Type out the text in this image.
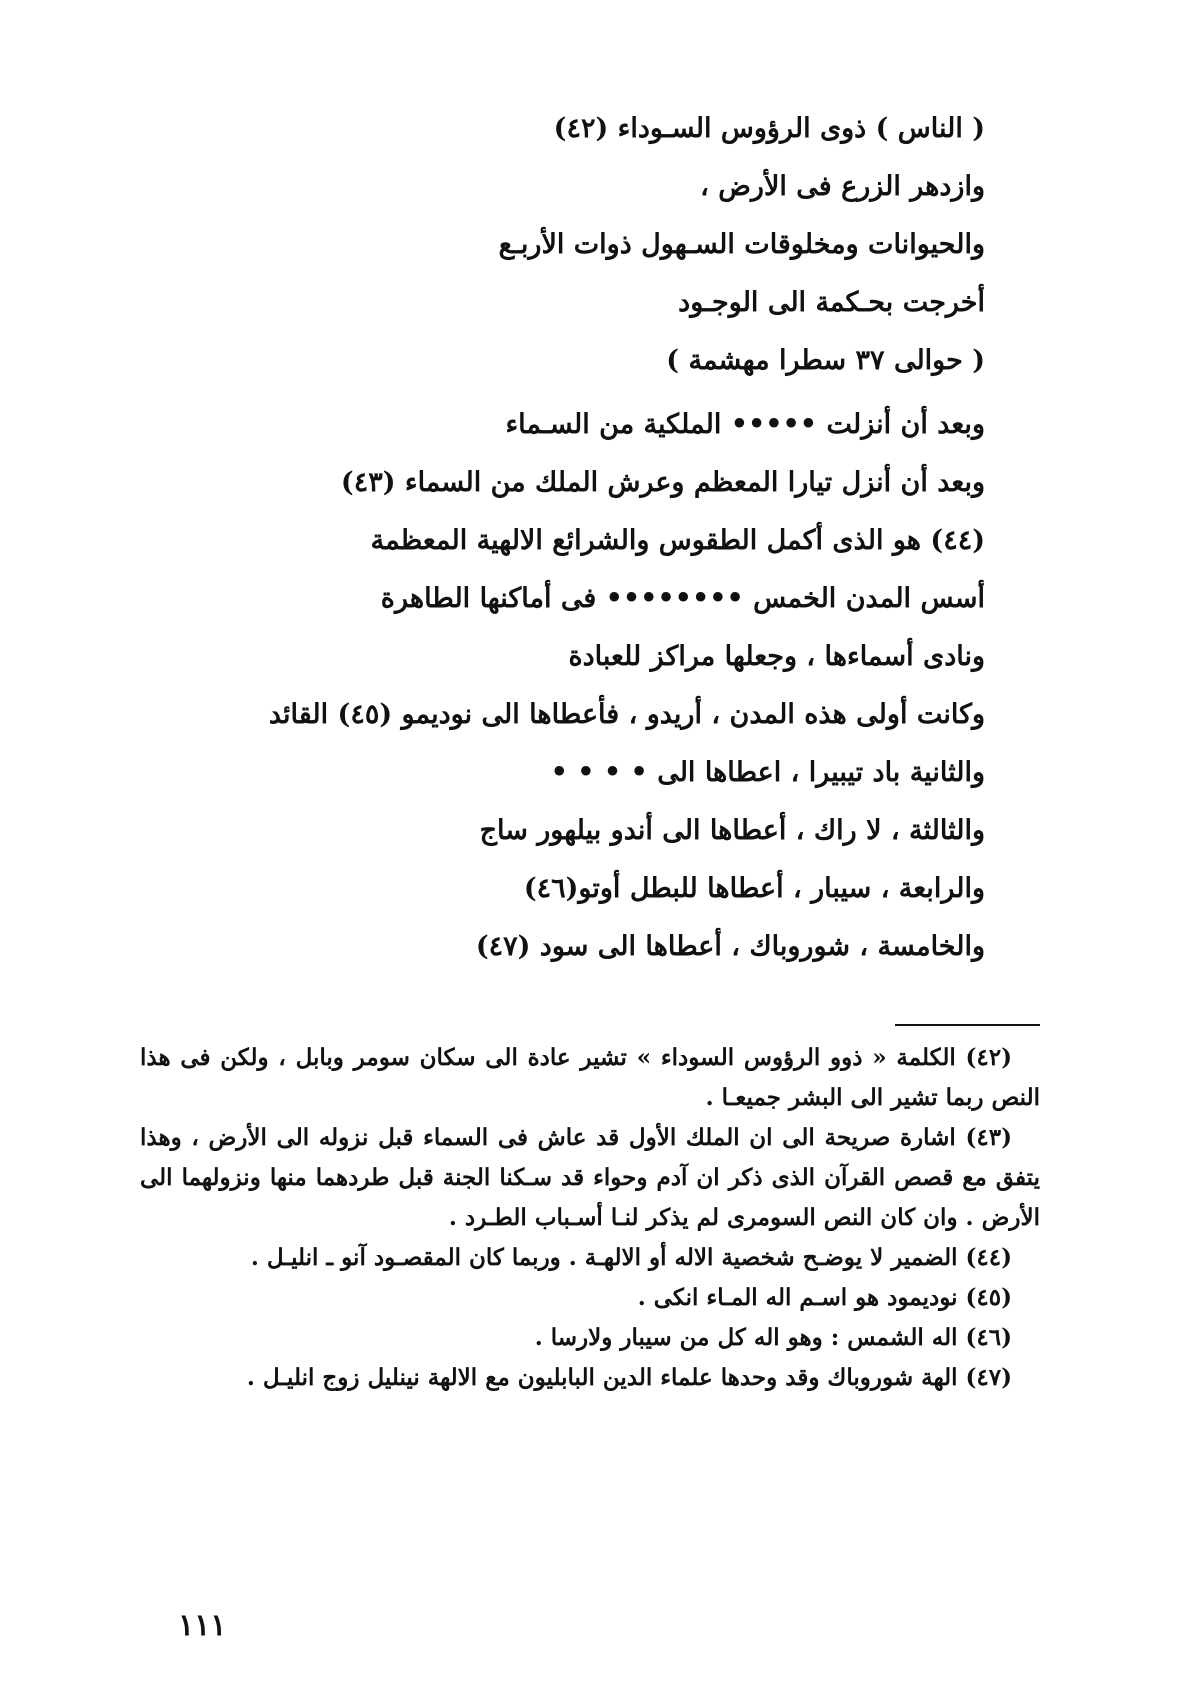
( الناس ) ذوى الرؤوس السـوداء (٤٢)
وازدهر الزرع فى الأرض ،
والحيوانات ومخلوقات السـهول ذوات الأربـع
أخرجت بحـكمة الى الوجـود
( حوالى ٣٧ سطرا مهشمة )
وبعد أن أنزلت ••••• الملكية من السـماء
وبعد أن أنزل تيارا المعظم وعرش الملك من السماء (٤٣)
(٤٤) هو الذى أكمل الطقوس والشرائع الالهية المعظمة
أسس المدن الخمس •••••••• فى أماكنها الطاهرة
ونادى أسماءها ، وجعلها مراكز للعبادة
وكانت أولى هذه المدن ، أريدو ، فأعطاها الى نوديمو (٤٥) القائد
والثانية باد تيبيرا ، اعطاها الى • • • •
والثالثة ، لا راك ، أعطاها الى أندو بيلهور ساج
والرابعة ، سيبار ، أعطاها للبطل أوتو(٤٦)
والخامسة ، شوروباك ، أعطاها الى سود (٤٧)
(٤٢) الكلمة « ذوو الرؤوس السوداء » تشير عادة الى سكان سومر وبابل ، ولكن فى هذا النص ربما تشير الى البشر جميعـا .
(٤٣) اشارة صريحة الى ان الملك الأول قد عاش فى السماء قبل نزوله الى الأرض ، وهذا يتفق مع قصص القرآن الذى ذكر ان آدم وحواء قد سـكنا الجنة قبل طردهما منها ونزولهما الى الأرض . وان كان النص السومرى لم يذكر لنـا أسـباب الطـرد .
(٤٤) الضمير لا يوضـح شخصية الاله أو الالهـة . وربما كان المقصـود آنو ـ انليـل .
(٤٥) نوديمود هو اسـم اله المـاء انكى .
(٤٦) اله الشمس : وهو اله كل من سيبار ولارسا .
(٤٧) الهة شوروباك وقد وحدها علماء الدين البابليون مع الالهة نينليل زوج انليـل .
١١١
